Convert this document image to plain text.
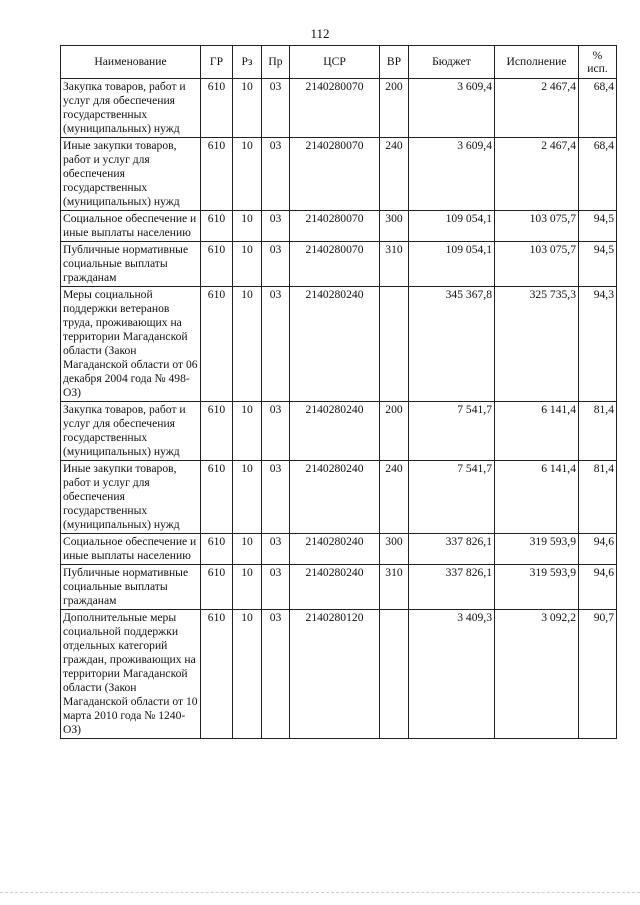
112
Наименование	ГР	Рз	Пр	ЦСР	ВР	Бюджет	Исполнение	%
исп.

Закупка товаров, работ и услуг для обеспечения государственных (муниципальных) нужд	610	10	03	2140280070	200	3 609,4	2 467,4	68,4
Иные закупки товаров, работ и услуг для обеспечения государственных (муниципальных) нужд	610	10	03	2140280070	240	3 609,4	2 467,4	68,4
Социальное обеспечение и иные выплаты населению	610	10	03	2140280070	300	109 054,1	103 075,7	94,5
Публичные нормативные социальные выплаты гражданам	610	10	03	2140280070	310	109 054,1	103 075,7	94,5
Меры социальной поддержки ветеранов труда, проживающих на территории Магаданской области (Закон Магаданской области от 06 декабря 2004 года № 498-ОЗ)	610	10	03	2140280240		345 367,8	325 735,3	94,3
Закупка товаров, работ и услуг для обеспечения государственных (муниципальных) нужд	610	10	03	2140280240	200	7 541,7	6 141,4	81,4
Иные закупки товаров, работ и услуг для обеспечения государственных (муниципальных) нужд	610	10	03	2140280240	240	7 541,7	6 141,4	81,4
Социальное обеспечение и иные выплаты населению	610	10	03	2140280240	300	337 826,1	319 593,9	94,6
Публичные нормативные социальные выплаты гражданам	610	10	03	2140280240	310	337 826,1	319 593,9	94,6
Дополнительные меры социальной поддержки отдельных категорий граждан, проживающих на территории Магаданской области (Закон Магаданской области от 10 марта 2010 года № 1240-ОЗ)	610	10	03	2140280120		3 409,3	3 092,2	90,7
